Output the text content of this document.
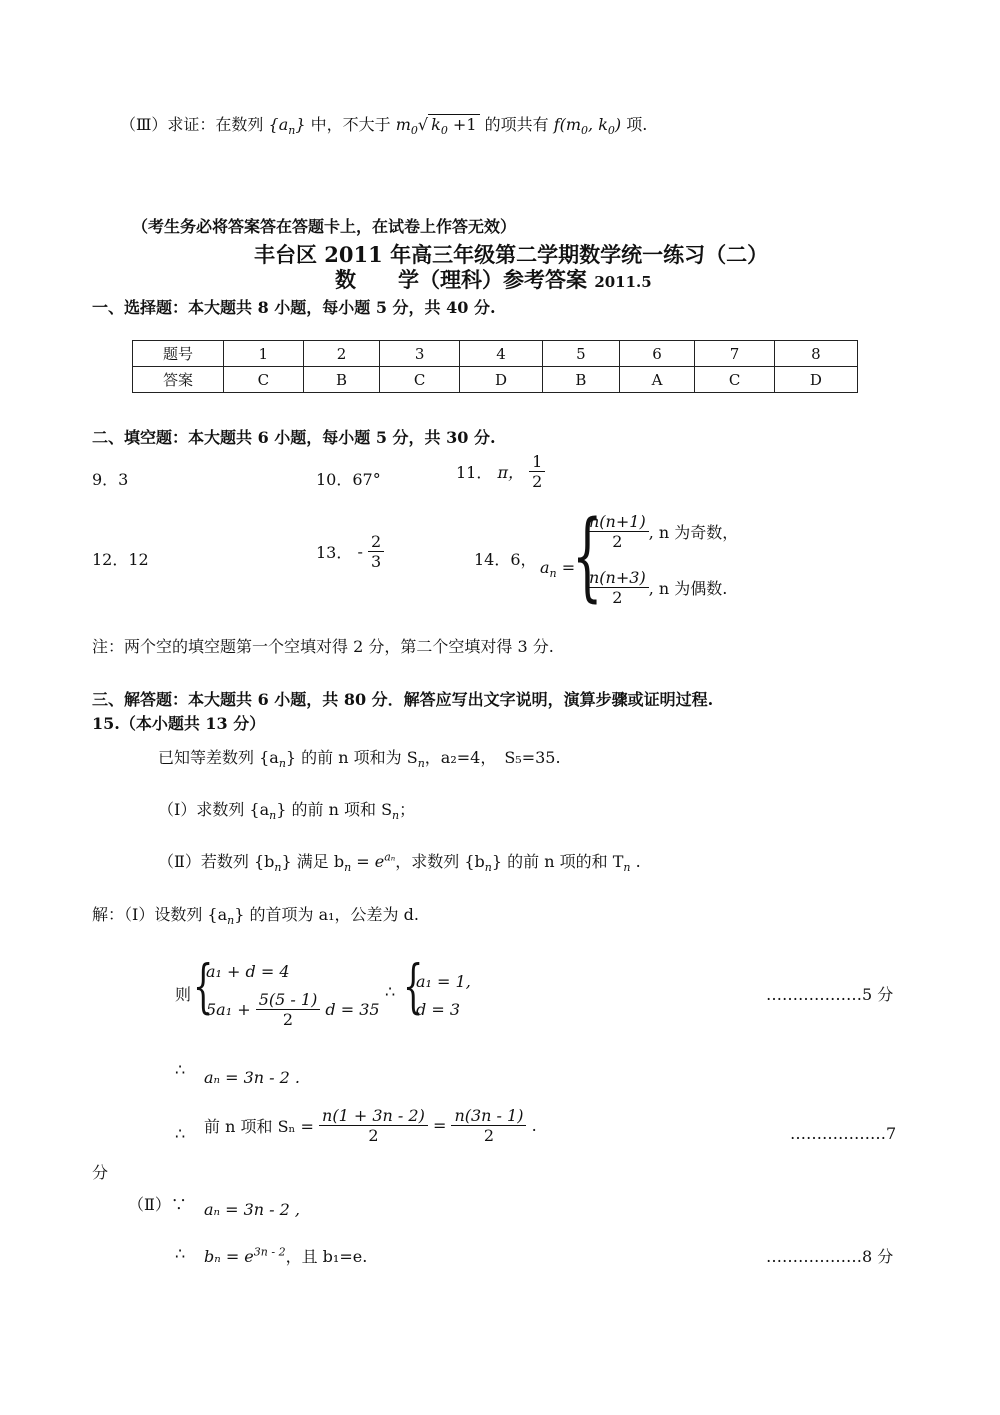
（Ⅲ）求证：在数列 $\{a_n\}$ 中，不大于 $m_0√$ $k_0 +1$ 的项共有 $f(m_0$, $k_0$) 项.
（考生务必将答案答在答题卡上，在试卷上作答无效）
丰台区 2011 年高三年级第二学期数学统一练习（二）
数　　学（理科）参考答案 2011.5
一、选择题：本大题共 8 小题，每小题 5 分，共 40 分.
题号	1	2	3	4	5	6	7	8
答案	C	B	C	D	B	A	C	D
二、填空题：本大题共 6 小题，每小题 5 分，共 30 分.
9．3	10．67°	11． π， $\frac{1}{2}$
12．12	13． - $\frac{2}{3}$	14．6， $a_n$ =
{
$\frac{n(n+1)}{2}$ , n 为奇数，
$\frac{n(n+3)}{2}$ , n 为偶数.
注：两个空的填空题第一个空填对得 2 分，第二个空填对得 3 分.
三、解答题：本大题共 6 小题，共 80 分．解答应写出文字说明，演算步骤或证明过程.
15.（本小题共 13 分）
已知等差数列 $\{a_n\}$ 的前 n 项和为 $S_n$，a₂=4，　S₅=35.
（Ⅰ）求数列 $\{a_n\}$ 的前 n 项和 $S_n$；
（Ⅱ）若数列 $\{b_n\}$ 满足 $b_n = e^{a_n}$，求数列 $\{b_n\}$ 的前 n 项的和 $T_n$ .
解：（Ⅰ）设数列 $\{a_n\}$ 的首项为 a₁，公差为 d.
则 {
a₁ + d = 4
$5a_1 + \frac{5(5 - 1)}{2}$ d = 35
∴ {
a₁ = 1,
d = 3
………………5 分
∴ aₙ = 3n - 2 .
∴ 前 n 项和 $S_n = \frac{n(1 + 3n - 2)}{2} = \frac{n(3n - 1)}{2}$ .	………………7
分
（Ⅱ）∵ aₙ = 3n - 2 ,
∴ $b_n = e^{3n - 2}$，且 b₁=e.	………………8 分
